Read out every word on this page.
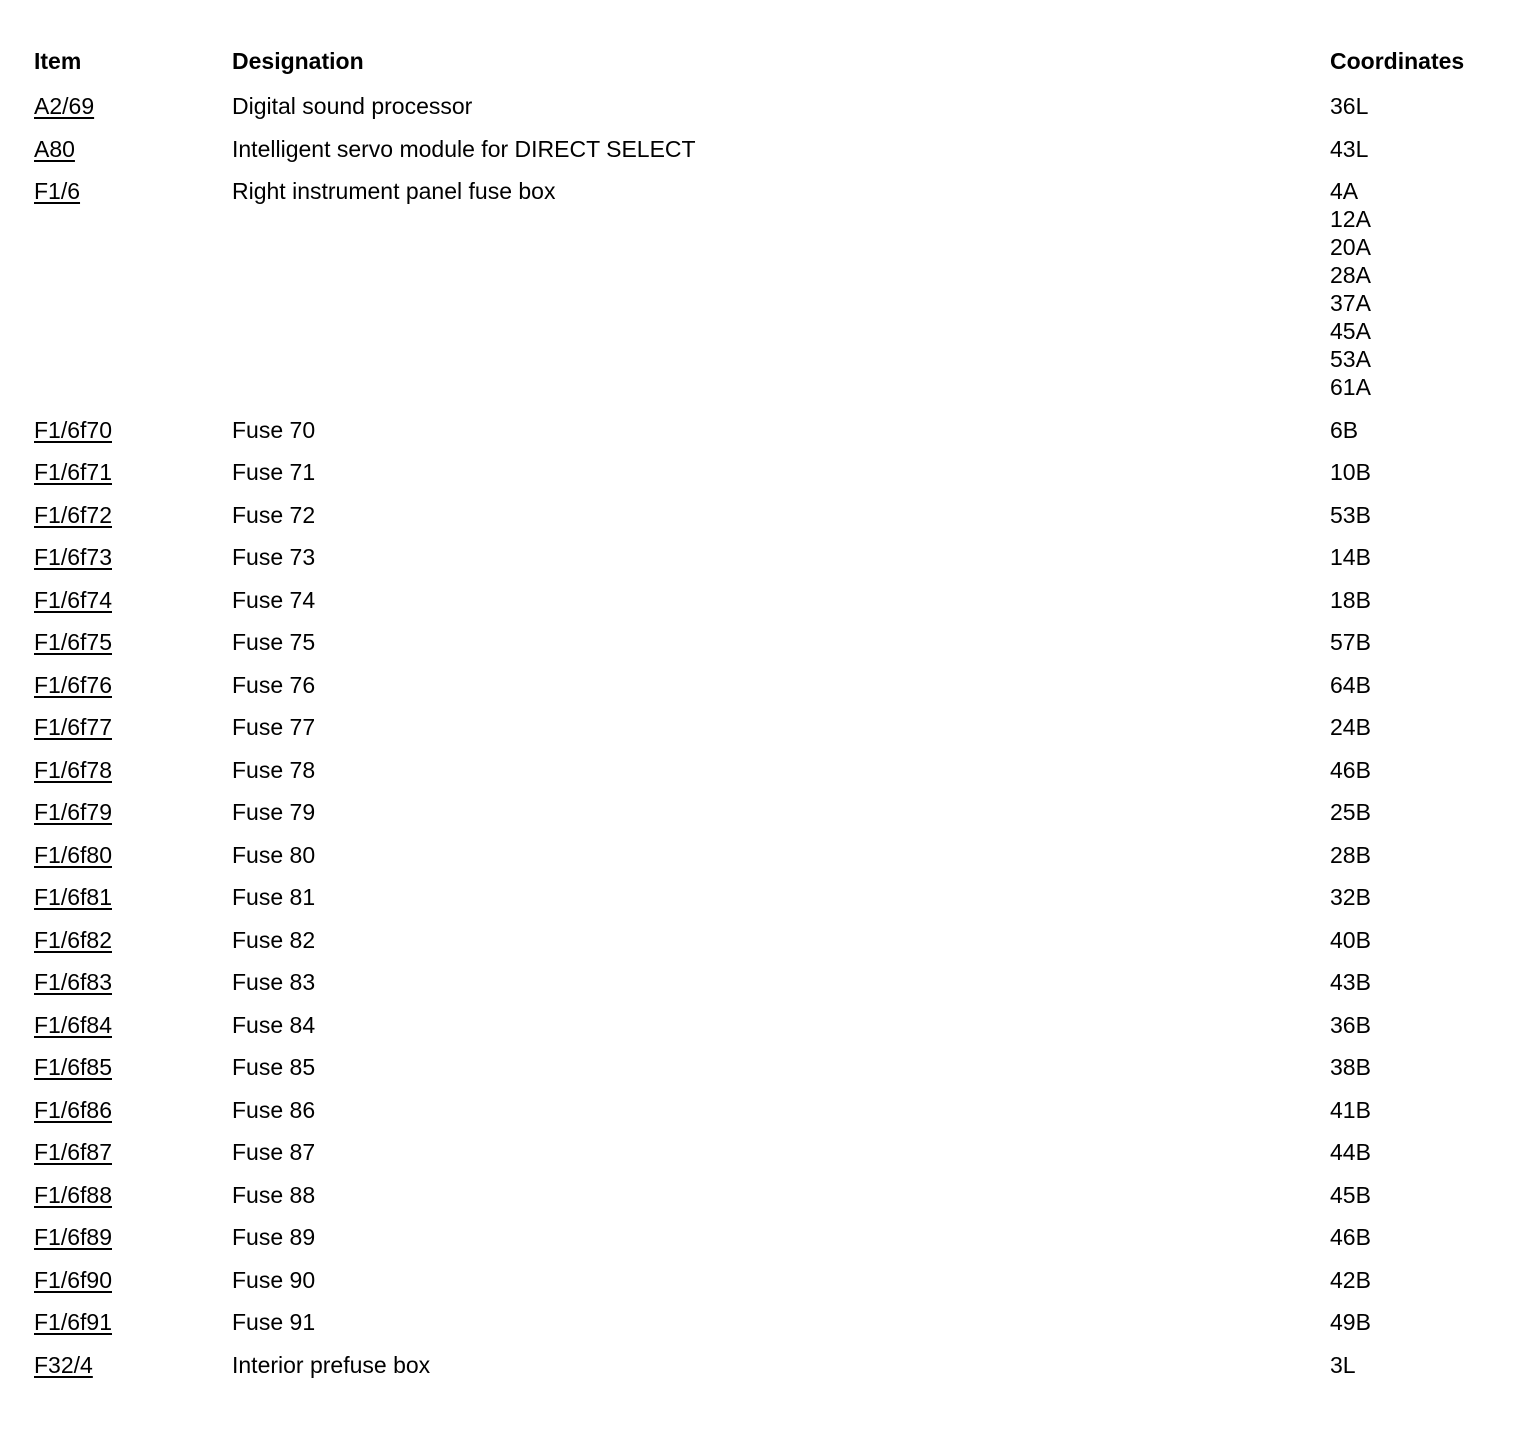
Item	Designation	Coordinates
A2/69	Digital sound processor	36L
A80	Intelligent servo module for DIRECT SELECT	43L
F1/6	Right instrument panel fuse box	4A
12A
20A
28A
37A
45A
53A
61A
F1/6f70	Fuse 70	6B
F1/6f71	Fuse 71	10B
F1/6f72	Fuse 72	53B
F1/6f73	Fuse 73	14B
F1/6f74	Fuse 74	18B
F1/6f75	Fuse 75	57B
F1/6f76	Fuse 76	64B
F1/6f77	Fuse 77	24B
F1/6f78	Fuse 78	46B
F1/6f79	Fuse 79	25B
F1/6f80	Fuse 80	28B
F1/6f81	Fuse 81	32B
F1/6f82	Fuse 82	40B
F1/6f83	Fuse 83	43B
F1/6f84	Fuse 84	36B
F1/6f85	Fuse 85	38B
F1/6f86	Fuse 86	41B
F1/6f87	Fuse 87	44B
F1/6f88	Fuse 88	45B
F1/6f89	Fuse 89	46B
F1/6f90	Fuse 90	42B
F1/6f91	Fuse 91	49B
F32/4	Interior prefuse box	3L
